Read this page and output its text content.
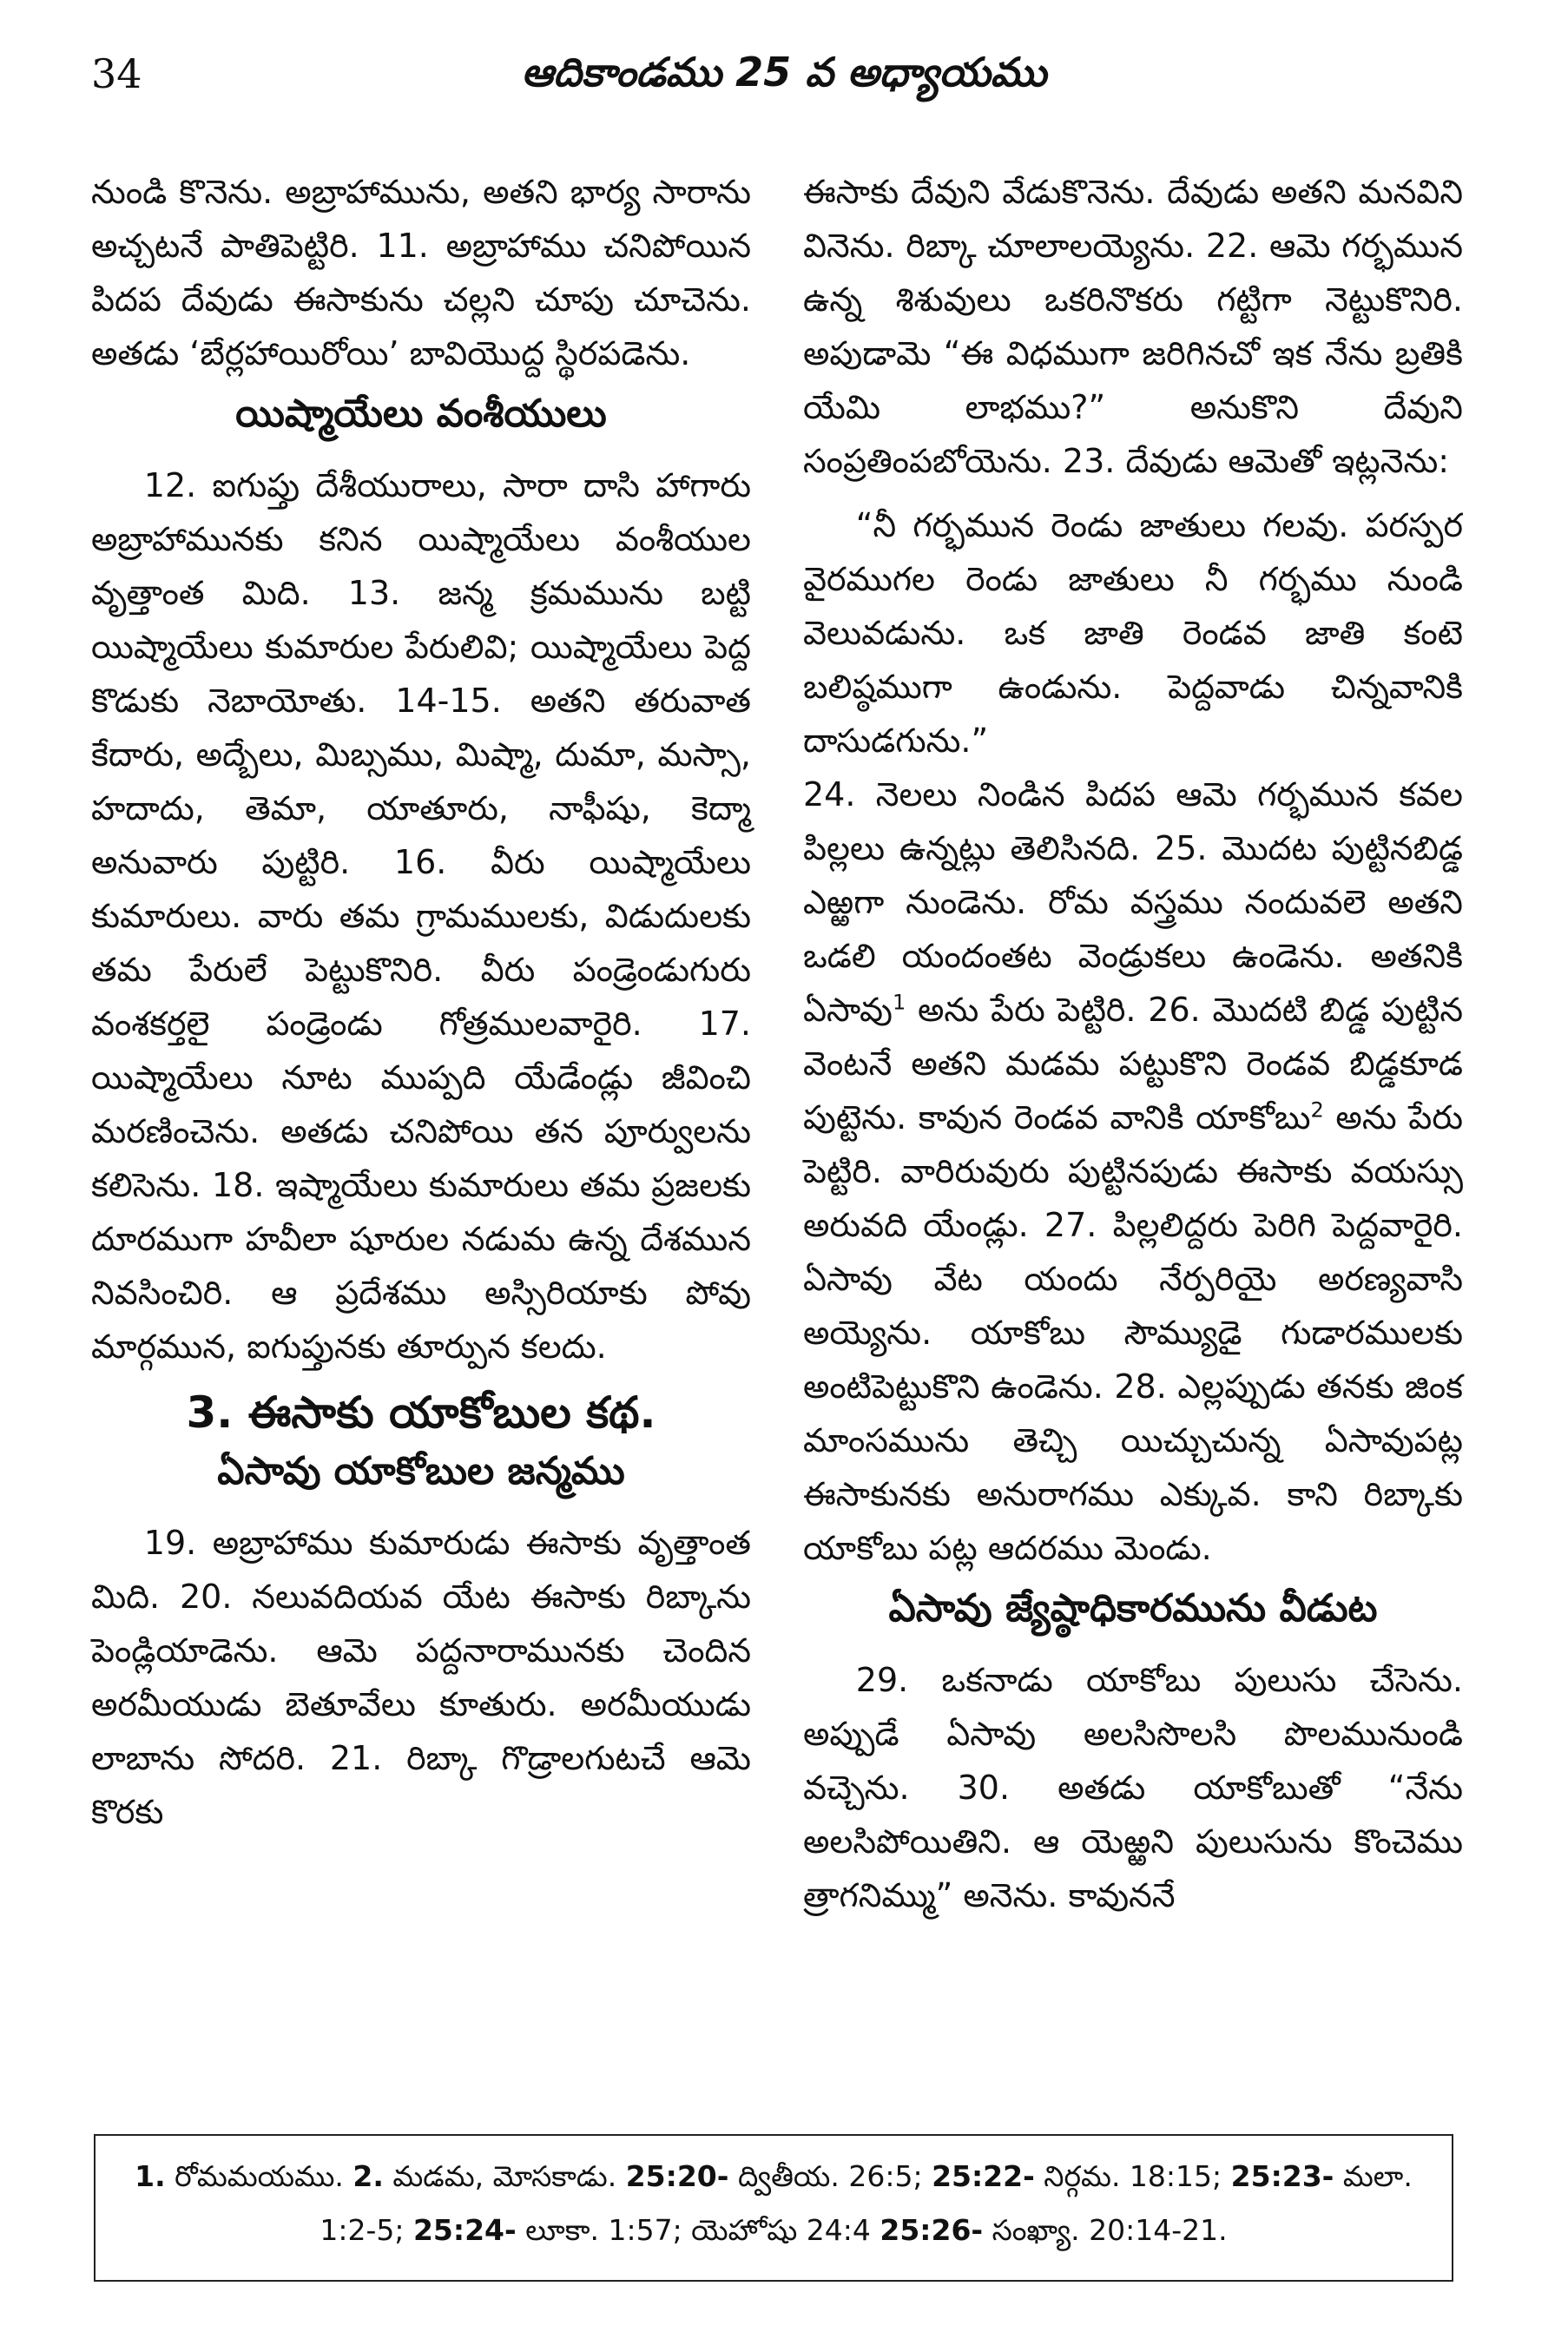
34	ఆదికాండము 25 వ అధ్యాయము

నుండి కొనెను. అబ్రాహామును, అతని భార్య సారాను అచ్చటనే పాతిపెట్టిరి. 11. అబ్రాహాము చనిపోయిన పిదప దేవుడు ఈసాకును చల్లని చూపు చూచెను. అతడు ‘బేర్లహాయిరోయి’ బావియొద్ద స్థిరపడెను.

యిష్మాయేలు వంశీయులు

12. ఐగుప్తు దేశీయురాలు, సారా దాసి హాగారు అబ్రాహామునకు కనిన యిష్మాయేలు వంశీయుల వృత్తాంత మిది. 13. జన్మ క్రమమును బట్టి యిష్మాయేలు కుమారుల పేరులివి; యిష్మాయేలు పెద్ద కొడుకు నెబాయోతు. 14-15. అతని తరువాత కేదారు, అద్బేలు, మిబ్సము, మిష్మా, దుమా, మస్సా, హదాదు, తెమా, యాతూరు, నాఫీషు, కెద్మా అనువారు పుట్టిరి. 16. వీరు యిష్మాయేలు కుమారులు. వారు తమ గ్రామములకు, విడుదులకు తమ పేరులే పెట్టుకొనిరి. వీరు పండ్రెండుగురు వంశకర్తలై పండ్రెండు గోత్రములవారైరి. 17. యిష్మాయేలు నూట ముప్పది యేడేండ్లు జీవించి మరణించెను. అతడు చనిపోయి తన పూర్వులను కలిసెను. 18. ఇష్మాయేలు కుమారులు తమ ప్రజలకు దూరముగా హవీలా షూరుల నడుమ ఉన్న దేశమున నివసించిరి. ఆ ప్రదేశము అస్సిరియాకు పోవు మార్గమున, ఐగుప్తునకు తూర్పున కలదు.

3. ఈసాకు యాకోబుల కథ.
ఏసావు యాకోబుల జన్మము

19. అబ్రాహాము కుమారుడు ఈసాకు వృత్తాంత మిది. 20. నలువదియవ యేట ఈసాకు రిబ్కాను పెండ్లియాడెను. ఆమె పద్దనారామునకు చెందిన అరమీయుడు బెతూవేలు కూతురు. అరమీయుడు లాబాను సోదరి. 21. రిబ్కా గొడ్రాలగుటచే ఆమె కొరకు

ఈసాకు దేవుని వేడుకొనెను. దేవుడు అతని మనవిని వినెను. రిబ్కా చూలాలయ్యెను. 22. ఆమె గర్భమున ఉన్న శిశువులు ఒకరినొకరు గట్టిగా నెట్టుకొనిరి. అపుడామె “ఈ విధముగా జరిగినచో ఇక నేను బ్రతికి యేమి లాభము?” అనుకొని దేవుని సంప్రతింపబోయెను. 23. దేవుడు ఆమెతో ఇట్లనెను:

“నీ గర్భమున రెండు జాతులు గలవు. పరస్పర వైరముగల రెండు జాతులు నీ గర్భము నుండి వెలువడును. ఒక జాతి రెండవ జాతి కంటె బలిష్ఠముగా ఉండును. పెద్దవాడు చిన్నవానికి దాసుడగును.”

24. నెలలు నిండిన పిదప ఆమె గర్భమున కవల పిల్లలు ఉన్నట్లు తెలిసినది. 25. మొదట పుట్టినబిడ్డ ఎఱ్ఱగా నుండెను. రోమ వస్త్రము నందువలె అతని ఒడలి యందంతట వెండ్రుకలు ఉండెను. అతనికి ఏసావు$^1$ అను పేరు పెట్టిరి. 26. మొదటి బిడ్డ పుట్టిన వెంటనే అతని మడమ పట్టుకొని రెండవ బిడ్డకూడ పుట్టెను. కావున రెండవ వానికి యాకోబు$^2$ అను పేరు పెట్టిరి. వారిరువురు పుట్టినపుడు ఈసాకు వయస్సు అరువది యేండ్లు. 27. పిల్లలిద్దరు పెరిగి పెద్దవారైరి. ఏసావు వేట యందు నేర్పరియై అరణ్యవాసి అయ్యెను. యాకోబు సౌమ్యుడై గుడారములకు అంటిపెట్టుకొని ఉండెను. 28. ఎల్లప్పుడు తనకు జింక మాంసమును తెచ్చి యిచ్చుచున్న ఏసావుపట్ల ఈసాకునకు అనురాగము ఎక్కువ. కాని రిబ్కాకు యాకోబు పట్ల ఆదరము మెండు.

ఏసావు జ్యేష్ఠాధికారమును వీడుట

29. ఒకనాడు యాకోబు పులుసు చేసెను. అప్పుడే ఏసావు అలసిసొలసి పొలమునుండి వచ్చెను. 30. అతడు యాకోబుతో “నేను అలసిపోయితిని. ఆ యెఱ్ఱని పులుసును కొంచెము త్రాగనిమ్ము” అనెను. కావుననే

1. రోమమయము. 2. మడమ, మోసకాడు. 25:20- ద్వితీయ. 26:5; 25:22- నిర్గమ. 18:15; 25:23- మలా. 1:2-5; 25:24- లూకా. 1:57; యెహోషు 24:4 25:26- సంఖ్యా. 20:14-21.
